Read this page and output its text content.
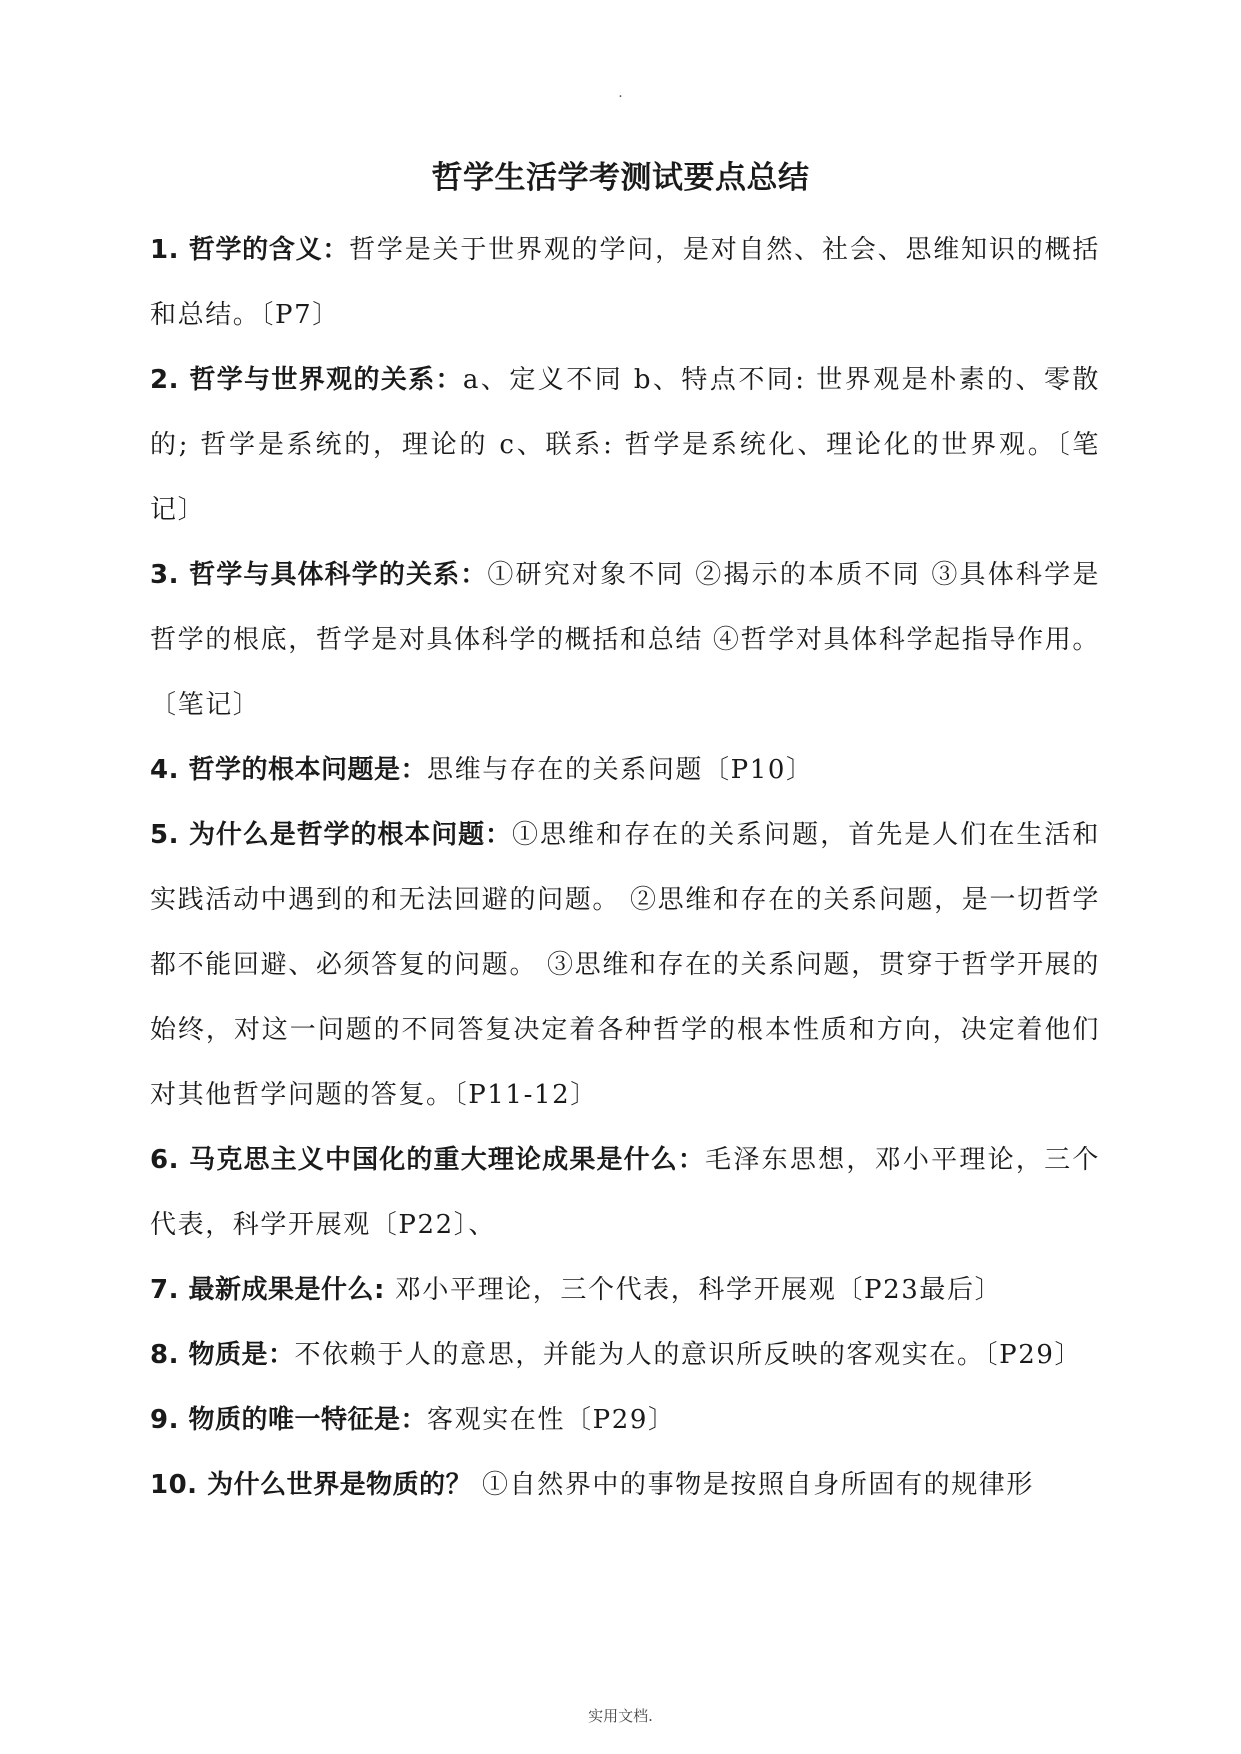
.
哲学生活学考测试要点总结
1. 哲学的含义：哲学是关于世界观的学问，是对自然、社会、思维知识的概括和总结。〔P7〕
2. 哲学与世界观的关系：a、定义不同 b、特点不同: 世界观是朴素的、零散的; 哲学是系统的，理论的 c、联系: 哲学是系统化、理论化的世界观。〔笔记〕
3. 哲学与具体科学的关系：①研究对象不同 ②揭示的本质不同 ③具体科学是哲学的根底，哲学是对具体科学的概括和总结 ④哲学对具体科学起指导作用。〔笔记〕
4. 哲学的根本问题是：思维与存在的关系问题〔P10〕
5. 为什么是哲学的根本问题：①思维和存在的关系问题，首先是人们在生活和实践活动中遇到的和无法回避的问题。 ②思维和存在的关系问题，是一切哲学都不能回避、必须答复的问题。 ③思维和存在的关系问题，贯穿于哲学开展的始终，对这一问题的不同答复决定着各种哲学的根本性质和方向，决定着他们对其他哲学问题的答复。〔P11-12〕
6. 马克思主义中国化的重大理论成果是什么：毛泽东思想，邓小平理论，三个代表，科学开展观〔P22〕、
7. 最新成果是什么: 邓小平理论，三个代表，科学开展观〔P23最后〕
8. 物质是：不依赖于人的意思，并能为人的意识所反映的客观实在。〔P29〕
9. 物质的唯一特征是：客观实在性〔P29〕
10. 为什么世界是物质的？ ①自然界中的事物是按照自身所固有的规律形
实用文档.
